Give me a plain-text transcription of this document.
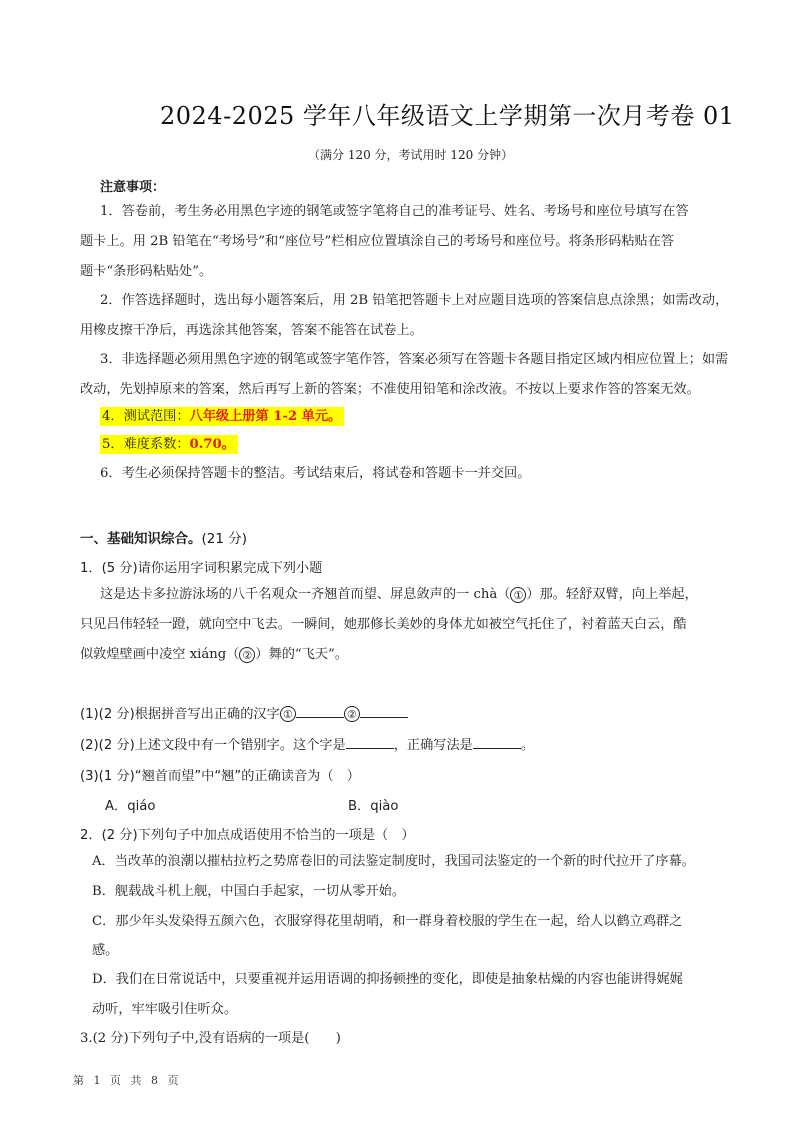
2024-2025 学年八年级语文上学期第一次月考卷 01
（满分 120 分，考试用时 120 分钟）
注意事项：
1．答卷前，考生务必用黑色字迹的钢笔或签字笔将自己的准考证号、姓名、考场号和座位号填写在答
题卡上。用 2B 铅笔在“考场号”和“座位号”栏相应位置填涂自己的考场号和座位号。将条形码粘贴在答
题卡“条形码粘贴处”。
2．作答选择题时，选出每小题答案后，用 2B 铅笔把答题卡上对应题目选项的答案信息点涂黑；如需改动，
用橡皮擦干净后，再选涂其他答案，答案不能答在试卷上。
3．非选择题必须用黑色字迹的钢笔或签字笔作答，答案必须写在答题卡各题目指定区域内相应位置上；如需
改动，先划掉原来的答案，然后再写上新的答案；不准使用铅笔和涂改液。不按以上要求作答的答案无效。
4．测试范围：八年级上册第 1-2 单元。
5．难度系数：0.70。
6．考生必须保持答题卡的整洁。考试结束后，将试卷和答题卡一并交回。
一、基础知识综合。(21 分)
1．(5 分)请你运用字词积累完成下列小题
这是达卡多拉游泳场的八千名观众一齐翘首而望、屏息敛声的一 chà（ ① ）那。轻舒双臂，向上举起，
只见吕伟轻轻一蹬，就向空中飞去。一瞬间，她那修长美妙的身体尤如被空气托住了，衬着蓝天白云，酷
似敦煌壁画中凌空 xiáng（ ② ）舞的“飞天”。
(1)(2 分)根据拼音写出正确的汉字 ①	②
(2)(2 分)上述文段中有一个错别字。这个字是	，正确写法是	。
(3)(1 分)“翘首而望”中“翘”的正确读音为（　）
A．qiáo	B．qiào
2．(2 分)下列句子中加点成语使用不恰当的一项是（　）
A．当改革的浪潮以摧枯拉朽之势席卷旧的司法鉴定制度时，我国司法鉴定的一个新的时代拉开了序幕。
B．舰载战斗机上舰，中国白手起家，一切从零开始。
C．那少年头发染得五颜六色，衣服穿得花里胡哨，和一群身着校服的学生在一起，给人以鹤立鸡群之
感。
D．我们在日常说话中，只要重视并运用语调的抑扬顿挫的变化，即使是抽象枯燥的内容也能讲得娓娓
动听，牢牢吸引住听众。
3.(2 分)下列句子中,没有语病的一项是(　　)
第 1 页 共 8 页
